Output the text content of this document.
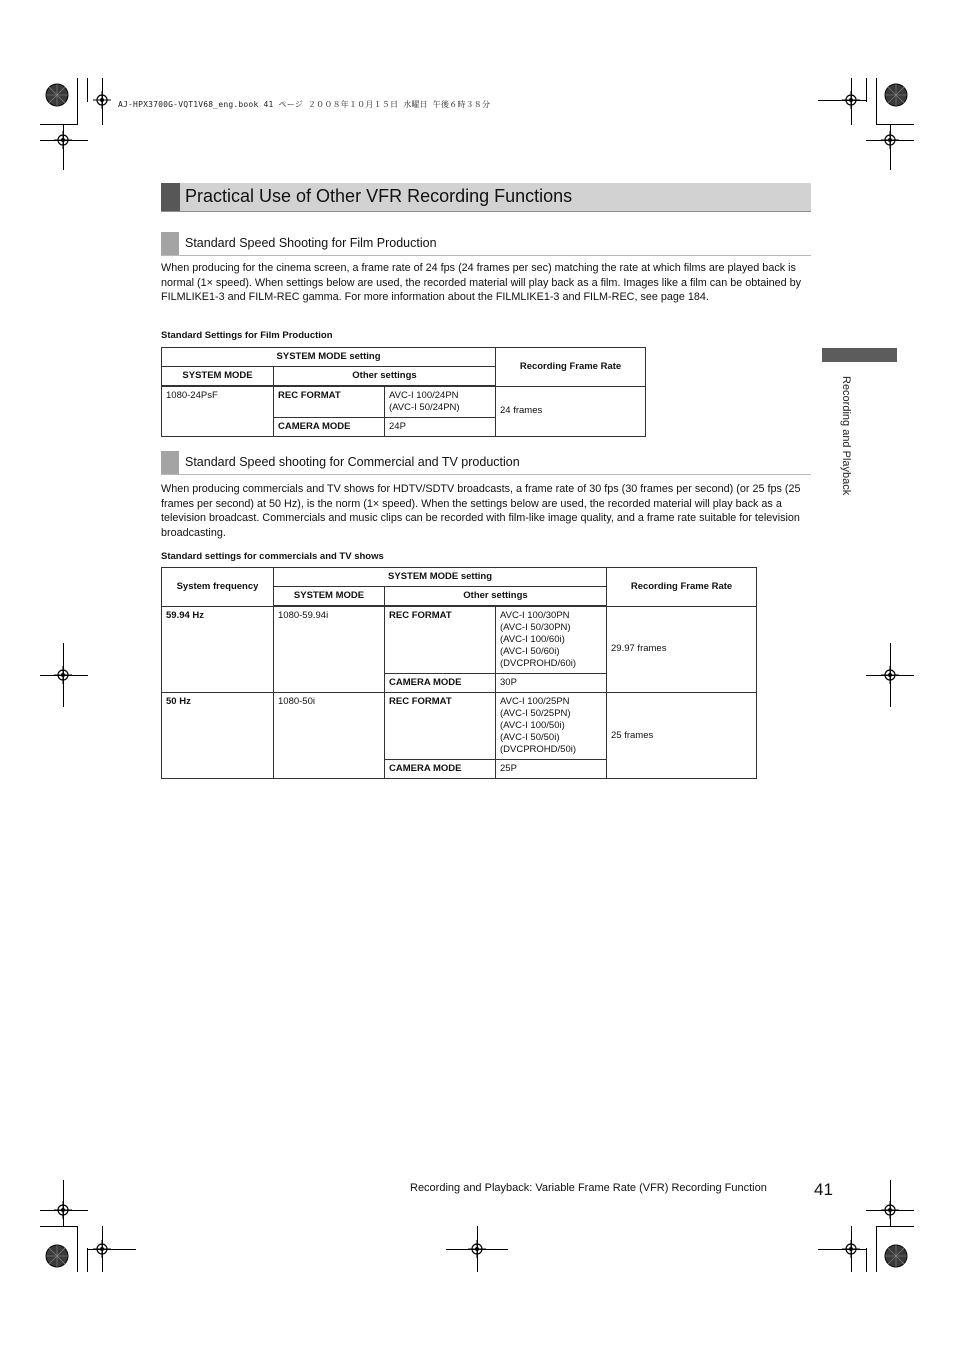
AJ-HPX3700G-VQT1V68_eng.book 41 ページ ２００８年１０月１５日 水曜日 午後６時３８分
Practical Use of Other VFR Recording Functions
Standard Speed Shooting for Film Production

When producing for the cinema screen, a frame rate of 24 fps (24 frames per sec) matching the rate at which films are played back is normal (1× speed). When settings below are used, the recorded material will play back as a film. Images like a film can be obtained by FILMLIKE1-3 and FILM-REC gamma. For more information about the FILMLIKE1-3 and FILM-REC, see page 184.

Standard Settings for Film Production
SYSTEM MODE setting			Recording Frame Rate
SYSTEM MODE	Other settings		
1080-24PsF	REC FORMAT	AVC-I 100/24PN
(AVC-I 50/24PN)	24 frames
	CAMERA MODE	24P	
Standard Speed shooting for Commercial and TV production

When producing commercials and TV shows for HDTV/SDTV broadcasts, a frame rate of 30 fps (30 frames per second) (or 25 fps (25 frames per second) at 50 Hz), is the norm (1× speed). When the settings below are used, the recorded material will play back as a television broadcast. Commercials and music clips can be recorded with film-like image quality, and a frame rate suitable for television broadcasting.

Standard settings for commercials and TV shows
System frequency	SYSTEM MODE setting			Recording Frame Rate
	SYSTEM MODE	Other settings		
59.94 Hz	1080-59.94i	REC FORMAT	AVC-I 100/30PN
(AVC-I 50/30PN)
(AVC-I 100/60i)
(AVC-I 50/60i)
(DVCPROHD/60i)	29.97 frames
		CAMERA MODE	30P	
50 Hz	1080-50i	REC FORMAT	AVC-I 100/25PN
(AVC-I 50/25PN)
(AVC-I 100/50i)
(AVC-I 50/50i)
(DVCPROHD/50i)	25 frames
		CAMERA MODE	25P	
Recording and Playback
Recording and Playback: Variable Frame Rate (VFR) Recording Function	41
